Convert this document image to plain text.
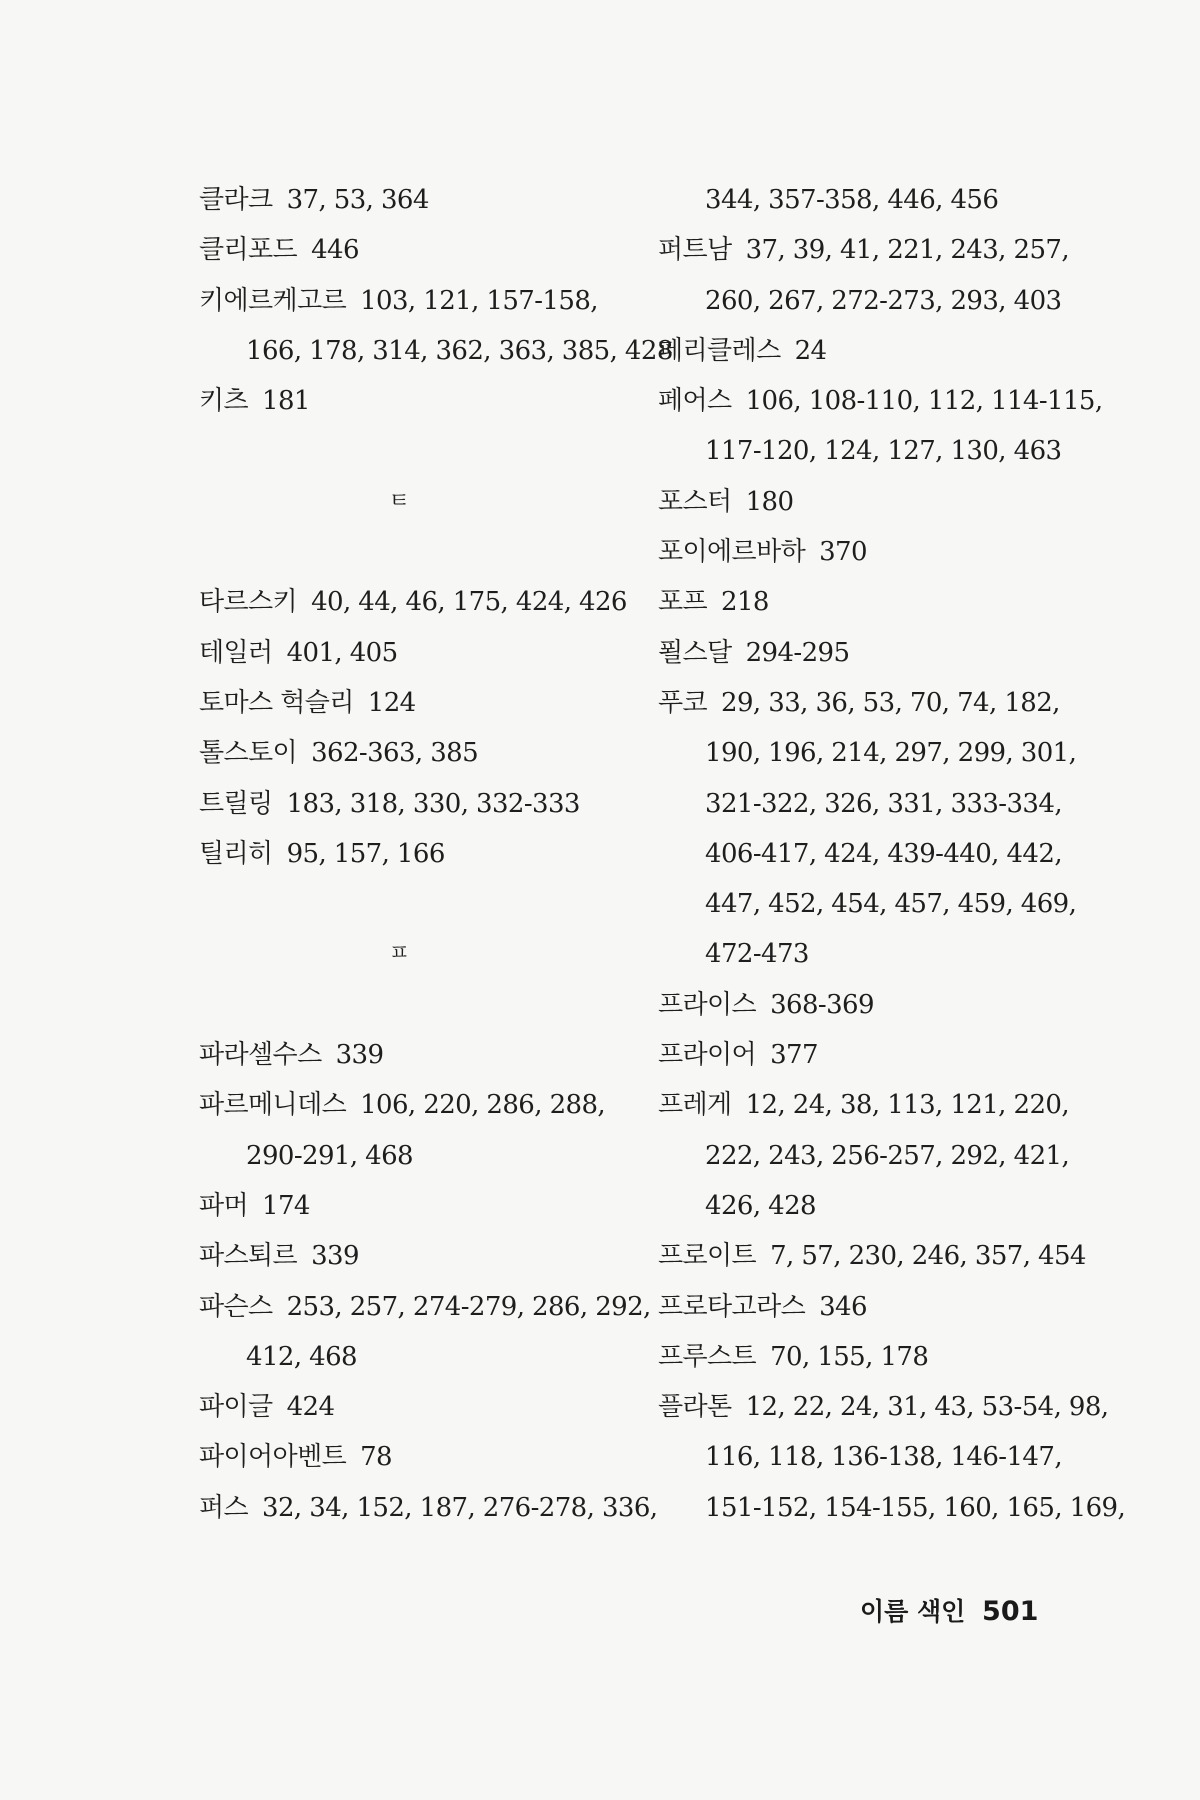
클라크 37, 53, 364
클리포드 446
키에르케고르 103, 121, 157-158,
166, 178, 314, 362, 363, 385, 428
키츠 181
ㅌ
타르스키 40, 44, 46, 175, 424, 426
테일러 401, 405
토마스 헉슬리 124
톨스토이 362-363, 385
트릴링 183, 318, 330, 332-333
틸리히 95, 157, 166
ㅍ
파라셀수스 339
파르메니데스 106, 220, 286, 288,
290-291, 468
파머 174
파스퇴르 339
파슨스 253, 257, 274-279, 286, 292,
412, 468
파이글 424
파이어아벤트 78
퍼스 32, 34, 152, 187, 276-278, 336,
344, 357-358, 446, 456
퍼트남 37, 39, 41, 221, 243, 257,
260, 267, 272-273, 293, 403
페리클레스 24
페어스 106, 108-110, 112, 114-115,
117-120, 124, 127, 130, 463
포스터 180
포이에르바하 370
포프 218
푈스달 294-295
푸코 29, 33, 36, 53, 70, 74, 182,
190, 196, 214, 297, 299, 301,
321-322, 326, 331, 333-334,
406-417, 424, 439-440, 442,
447, 452, 454, 457, 459, 469,
472-473
프라이스 368-369
프라이어 377
프레게 12, 24, 38, 113, 121, 220,
222, 243, 256-257, 292, 421,
426, 428
프로이트 7, 57, 230, 246, 357, 454
프로타고라스 346
프루스트 70, 155, 178
플라톤 12, 22, 24, 31, 43, 53-54, 98,
116, 118, 136-138, 146-147,
151-152, 154-155, 160, 165, 169,
이름 색인 501
